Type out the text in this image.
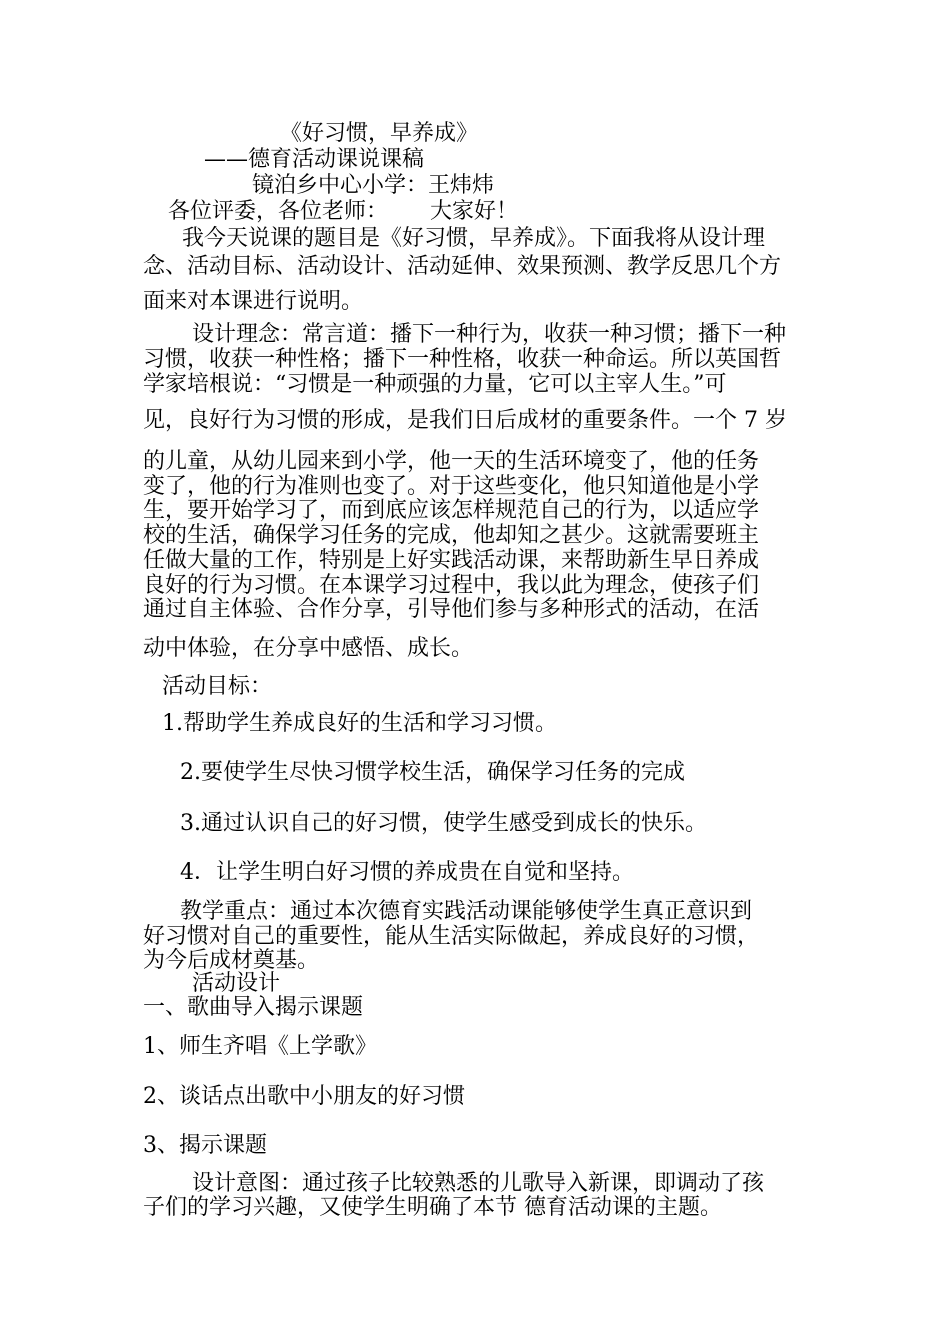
《好习惯，早养成》
——德育活动课说课稿
镜泊乡中心小学：王炜炜
各位评委，各位老师： 大家好！
我今天说课的题目是《好习惯，早养成》。下面我将从设计理
念、活动目标、活动设计、活动延伸、效果预测、教学反思几个方
面来对本课进行说明。
设计理念：常言道：播下一种行为，收获一种习惯；播下一种
习惯，收获一种性格；播下一种性格，收获一种命运。所以英国哲
学家培根说：“习惯是一种顽强的力量，它可以主宰人生。”可
见，良好行为习惯的形成，是我们日后成材的重要条件。一个 7 岁
的儿童，从幼儿园来到小学，他一天的生活环境变了，他的任务
变了，他的行为准则也变了。对于这些变化，他只知道他是小学
生，要开始学习了，而到底应该怎样规范自己的行为，以适应学
校的生活，确保学习任务的完成，他却知之甚少。这就需要班主
任做大量的工作，特别是上好实践活动课，来帮助新生早日养成
良好的行为习惯。在本课学习过程中，我以此为理念，使孩子们
通过自主体验、合作分享，引导他们参与多种形式的活动，在活
动中体验，在分享中感悟、成长。
活动目标：
1.帮助学生养成良好的生活和学习习惯。
2.要使学生尽快习惯学校生活，确保学习任务的完成
3.通过认识自己的好习惯，使学生感受到成长的快乐。
4．让学生明白好习惯的养成贵在自觉和坚持。
教学重点：通过本次德育实践活动课能够使学生真正意识到
好习惯对自己的重要性，能从生活实际做起，养成良好的习惯，
为今后成材奠基。
活动设计
一、歌曲导入揭示课题
1、师生齐唱《上学歌》
2、谈话点出歌中小朋友的好习惯
3、揭示课题
设计意图：通过孩子比较熟悉的儿歌导入新课，即调动了孩
子们的学习兴趣，又使学生明确了本节 德育活动课的主题。
